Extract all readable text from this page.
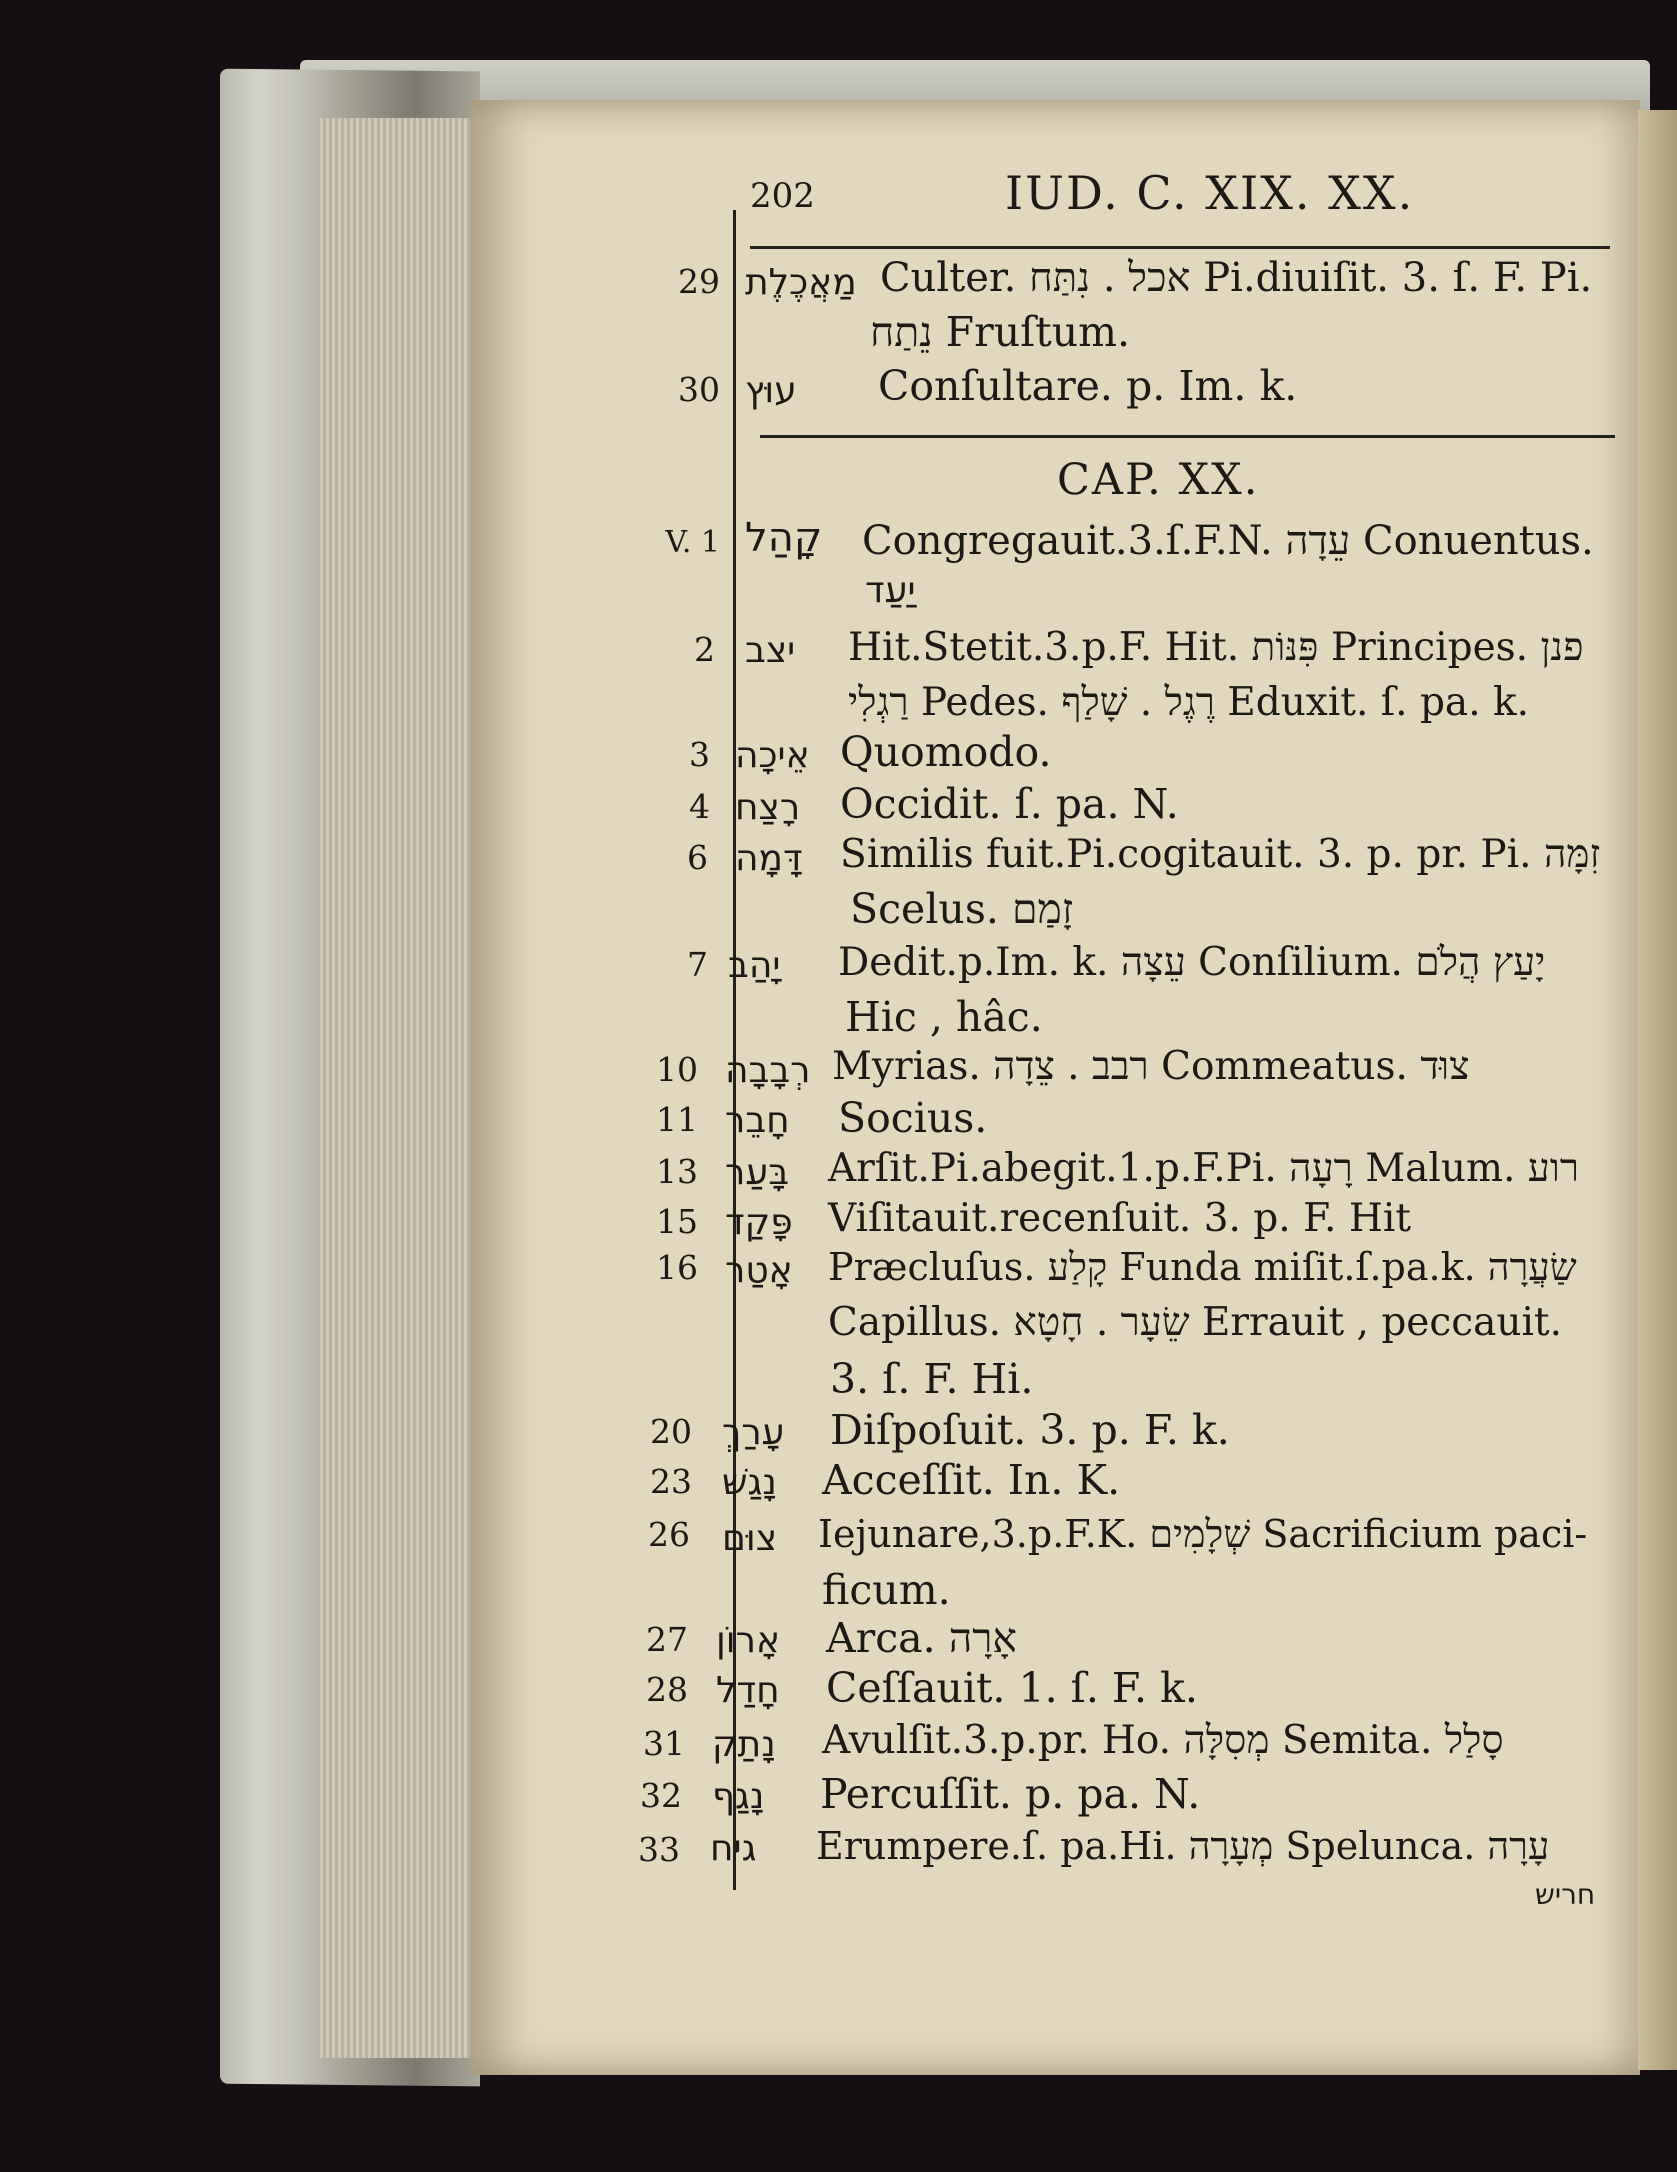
202	IUD. C. XIX. XX.
29 מַאֲכֶלֶת Culter. אכל . נִתַּח Pi.diuiſit. 3. ſ. F. Pi.
נֵתַח Fruſtum.
30 עוּץ Conſultare. p. Im. k.
CAP. XX.
V. 1 קָהַל Congregauit.3.ſ.F.N. עֵדָה Conuentus.
יַעַד
2 יצב Hit.Stetit.3.p.F. Hit. פִּנּוֹת Principes. פנן
רַגְלִי Pedes. רֶגֶל . שָׁלַף Eduxit. ſ. pa. k.
3 אֵיכָה Quomodo.
4 רָצַח Occidit. ſ. pa. N.
6 דָּמָה Similis fuit.Pi.cogitauit. 3. p. pr. Pi. זִמָּה
Scelus. זָמַם
7 יָהַב Dedit.p.Im. k. עֵצָה Conſilium. יָעַץ הֲלֹם
Hic , hâc.
10 רְבָבָה Myrias. רבב . צֵדָה Commeatus. צוּד
11 חָבֵר Socius.
13 בָּעַר Arſit.Pi.abegit.1.p.F.Pi. רָעָה Malum. רוע
15 פָּקַד Viſitauit.recenſuit. 3. p. F. Hit
16 אָטַר Præcluſus. קָלַע Funda miſit.ſ.pa.k. שַׂעֲרָה
Capillus. שֵׂעָר . חָטָא Errauit , peccauit.
3. ſ. F. Hi.
20 עָרַךְ Diſpoſuit. 3. p. F. k.
23 נָגַשׁ Acceſſit. In. K.
26 צוּם Iejunare,3.p.F.K. שְׁלָמִים Sacrificium paci-
ficum.
27 אָרוֹן Arca. אָרָה
28 חָדַל Ceſſauit. 1. ſ. F. k.
31 נָתַק Avulſit.3.p.pr. Ho. מְסִלָּה Semita. סָלַל
32 נָגַף Percuſſit. p. pa. N.
33 גיח Erumpere.ſ. pa.Hi. מְעָרָה Spelunca. עָרָה
חריש
